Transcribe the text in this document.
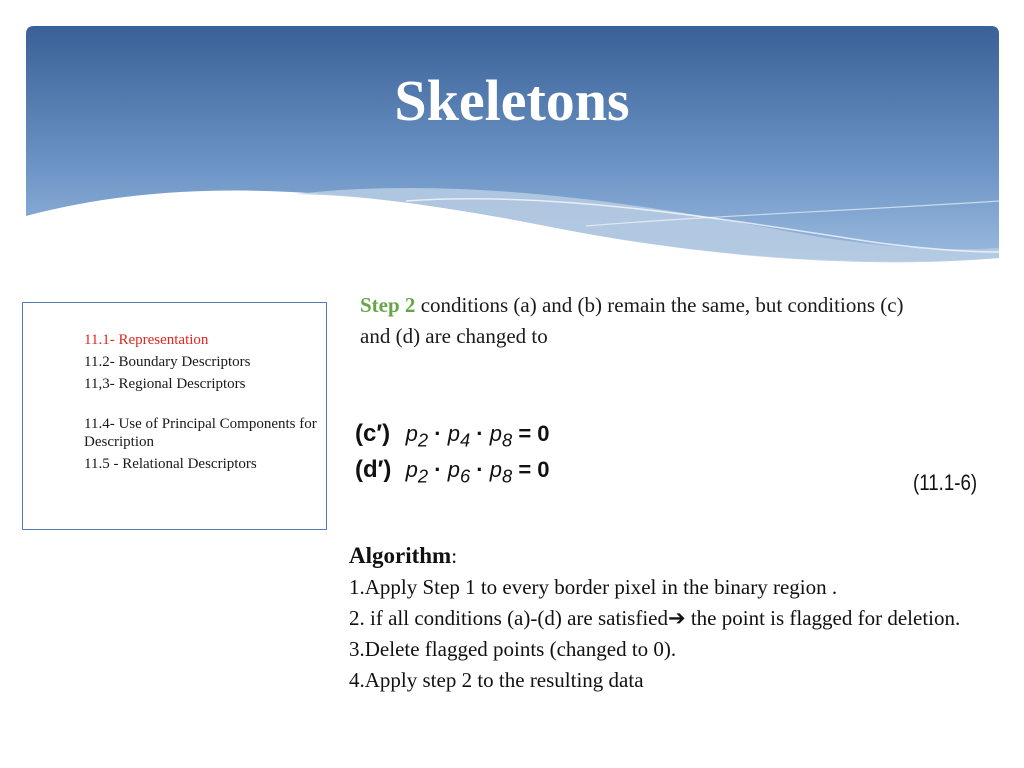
Skeletons
11.1- Representation
11.2- Boundary Descriptors
11,3- Regional Descriptors
11.4- Use of Principal Components for Description
11.5 - Relational Descriptors
Step 2 conditions (a) and (b) remain the same, but conditions (c) and (d) are changed to
(c′) $p_2 \cdot p_4 \cdot p_8 = 0$
(d′) $p_2 \cdot p_6 \cdot p_8 = 0$
(11.1-6)
Algorithm:
1.Apply Step 1 to every border pixel in the binary region .
2. if all conditions (a)-(d) are satisfied➔ the point is flagged for deletion. 3.Delete flagged points (changed to 0).
4.Apply step 2 to the resulting data
